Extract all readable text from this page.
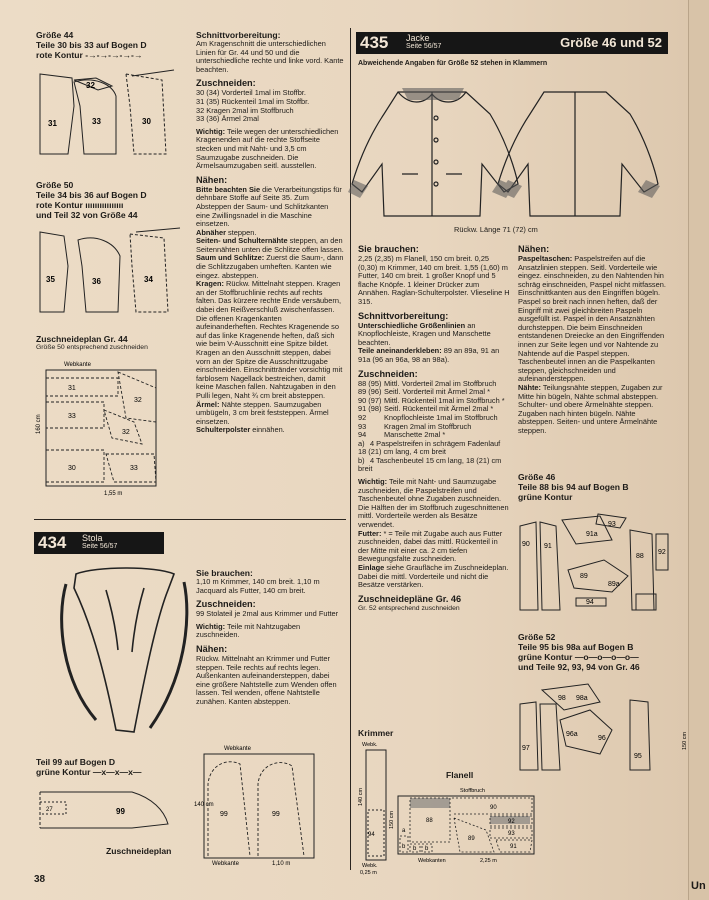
Größe 44
Teile 30 bis 33 auf Bogen D
rote Kontur -→-→-→-→-→
31
32
33	30
Größe 50
Teile 34 bis 36 auf Bogen D
rote Kontur ıııııııııııııııı
und Teil 32 von Größe 44
35	36	34
Zuschneideplan Gr. 44
Größe 50 entsprechend zuschneiden
Webkante
31
32
33
32
30	33
160 cm
1,55 m
Schnittvorbereitung:

Am Kragenschnitt die unterschiedlichen Linien für Gr. 44 und 50 und die unterschiedliche rechte und linke vord. Kante beachten.

Zuschneiden:
30 (34) Vorderteil 1mal im Stoffbr.
31 (35) Rückenteil 1mal im Stoffbr.
32 Kragen 2mal im Stoffbruch
33 (36) Ärmel 2mal
Wichtig: Teile wegen der unterschiedlichen Kragenenden auf die rechte Stoffseite stecken und mit Naht- und 3,5 cm Saumzugabe zuschneiden. Die Ärmelsaumzugaben seitl. ausstellen.
Nähen:
Bitte beachten Sie die Verarbeitungstips für dehnbare Stoffe auf Seite 35. Zum Absteppen der Saum- und Schlitzkanten eine Zwillingsnadel in die Maschine einsetzen.
Abnäher steppen.
Seiten- und Schulternähte steppen, an den Seitennähten unten die Schlitze offen lassen.
Saum und Schlitze: Zuerst die Saum-, dann die Schlitzzugaben umheften. Kanten wie eingez. absteppen.
Kragen: Rückw. Mittelnaht steppen. Kragen an der Stoffbruchlinie rechts auf rechts falten. Das kürzere rechte Ende versäubern, dabei den Reißverschluß zwischenfassen. Die offenen Kragenkanten aufeinanderheften. Rechtes Kragenende so auf das linke Kragenende heften, daß sich wie beim V-Ausschnitt eine Spitze bildet. Kragen an den Ausschnitt steppen, dabei vorn an der Spitze die Ausschnittzugabe einschneiden. Einschnittränder vorsichtig mit farblosem Nagellack bestreichen, damit keine Maschen fallen. Nahtzugaben in den Pulli legen, Naht ¾ cm breit absteppen.
Ärmel: Nähte steppen. Saumzugaben umbügeln, 3 cm breit feststeppen. Ärmel einsetzen.
Schulterpolster einnähen.
434	Stola
Seite 56/57
Sie brauchen:

1,10 m Krimmer, 140 cm breit. 1,10 m Jacquard als Futter, 140 cm breit.

Zuschneiden:

99 Stolateil je 2mal aus Krimmer und Futter

Wichtig: Teile mit Nahtzugaben zuschneiden.
Nähen:

Rückw. Mittelnaht an Krimmer und Futter steppen. Teile rechts auf rechts legen. Außenkanten aufeinandersteppen, dabei eine größere Nahtstelle zum Wenden offen lassen. Teil wenden, offene Nahtstelle zunähen. Kanten absteppen.

Teil 99 auf Bogen D
grüne Kontur —x—x—x—
27	99
Zuschneideplan
Webkante
99	99
140 cm
Webkante	1,10 m
435	Jacke
Seite 56/57	Größe 46 und 52
Abweichende Angaben für Größe 52 stehen in Klammern
Rückw. Länge 71 (72) cm
Sie brauchen:

2,25 (2,35) m Flanell, 150 cm breit. 0,25 (0,30) m Krimmer, 140 cm breit. 1,55 (1,60) m Futter, 140 cm breit. 1 großer Knopf und 5 flache Knöpfe. 1 kleiner Drücker zum Annähen. Raglan-Schulterpolster. Vlieseline H 315.

Schnittvorbereitung:
Unterschiedliche Größenlinien an Knopflochleiste, Kragen und Manschette beachten.
Teile aneinanderkleben: 89 an 89a, 91 an 91a (96 an 96a, 98 an 98a).
Zuschneiden:
88 (95) Mittl. Vorderteil 2mal im Stoffbruch
89 (96) Seitl. Vorderteil mit Ärmel 2mal *
90 (97) Mittl. Rückenteil 1mal im Stoffbruch *
91 (98) Seitl. Rückenteil mit Ärmel 2mal *
92 Knopflochleiste 1mal im Stoffbruch
93 Kragen 2mal im Stoffbruch
94 Manschette 2mal *
a) 4 Paspelstreifen in schrägem Fadenlauf 18 (21) cm lang, 4 cm breit
b) 4 Taschenbeutel 15 cm lang, 18 (21) cm breit
Wichtig: Teile mit Naht- und Saumzugabe zuschneiden, die Paspelstreifen und Taschenbeutel ohne Zugaben zuschneiden. Die Hälften der im Stoffbruch zugeschnittenen mittl. Vorderteile werden als Besätze verwendet.
Futter: * = Teile mit Zugabe auch aus Futter zuschneiden, dabei das mittl. Rückenteil in der Mitte mit einer ca. 2 cm tiefen Bewegungsfalte zuschneiden.
Einlage siehe Graufläche im Zuschneideplan. Dabei die mittl. Vorderteile und nicht die Besätze verstärken.
Zuschneidepläne Gr. 46
Gr. 52 entsprechend zuschneiden
Krimmer
Webk.
94
140 cm
Webk.
0,25 m
Flanell
Stoffbruch
88
90
89
92
93
91
a
b b b
150 cm
Webkanten	2,25 m
Nähen:
Paspeltaschen: Paspelstreifen auf die Ansatzlinien steppen. Seitl. Vorderteile wie eingez. einschneiden, zu den Nahtenden hin schräg einschneiden, Paspel nicht mitfassen. Einschnittkanten aus den Eingriffen bügeln. Paspel so breit nach innen heften, daß der Eingriff mit zwei gleichbreiten Paspeln ausgefüllt ist. Paspel in den Ansatznähten durchsteppen. Die beim Einschneiden entstandenen Dreiecke an den Eingriffenden innen zur Seite legen und vor Nahtende zu Nahtende auf die Paspel steppen. Taschenbeutel innen an die Paspelkanten steppen, gleichschneiden und aufeinandersteppen.
Nähte: Teilungsnähte steppen, Zugaben zur Mitte hin bügeln, Nähte schmal absteppen. Schulter- und obere Ärmelnähte steppen. Zugaben nach hinten bügeln. Nähte absteppen. Seiten- und untere Ärmelnähte steppen.
Größe 46
Teile 88 bis 94 auf Bogen B
grüne Kontur
93
90 91
91a
88
92
89
89a
94
Größe 52
Teile 95 bis 98a auf Bogen B
grüne Kontur —o—o—o—o—
und Teile 92, 93, 94 von Gr. 46
98 98a
97
96
96a
95
150 cm
38
Un
